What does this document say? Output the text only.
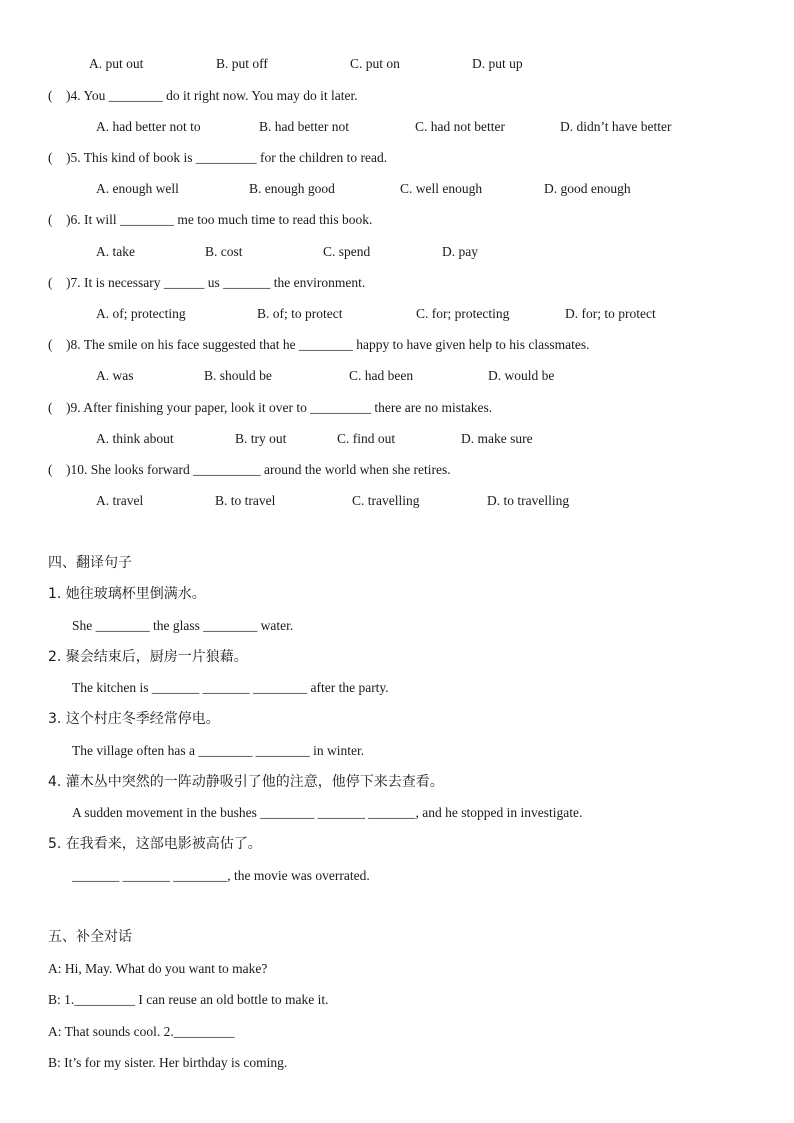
A. put out	B. put off	C. put on	D. put up
(    )4. You ________ do it right now. You may do it later.
A. had better not to	B. had better not	C. had not better	D. didn’t have better
(    )5. This kind of book is _________ for the children to read.
A. enough well	B. enough good	C. well enough	D. good enough
(    )6. It will ________ me too much time to read this book.
A. take	B. cost	C. spend	D. pay
(    )7. It is necessary ______ us _______ the environment.
A. of; protecting	B. of; to protect	C. for; protecting	D. for; to protect
(    )8. The smile on his face suggested that he ________ happy to have given help to his classmates.
A. was	B. should be	C. had been	D. would be
(    )9. After finishing your paper, look it over to _________ there are no mistakes.
A. think about	B. try out	C. find out	D. make sure
(    )10. She looks forward __________ around the world when she retires.
A. travel	B. to travel	C. travelling	D. to travelling
四、翻译句子
1. 她往玻璃杯里倒满水。
She ________ the glass ________ water.
2. 聚会结束后，厨房一片狼藉。
The kitchen is _______ _______ ________ after the party.
3. 这个村庄冬季经常停电。
The village often has a ________ ________ in winter.
4. 灌木丛中突然的一阵动静吸引了他的注意，他停下来去查看。
A sudden movement in the bushes ________ _______ _______, and he stopped in investigate.
5. 在我看来，这部电影被高估了。
_______ _______ ________, the movie was overrated.
五、补全对话
A: Hi, May. What do you want to make?
B: 1._________ I can reuse an old bottle to make it.
A: That sounds cool. 2._________
B: It’s for my sister. Her birthday is coming.
